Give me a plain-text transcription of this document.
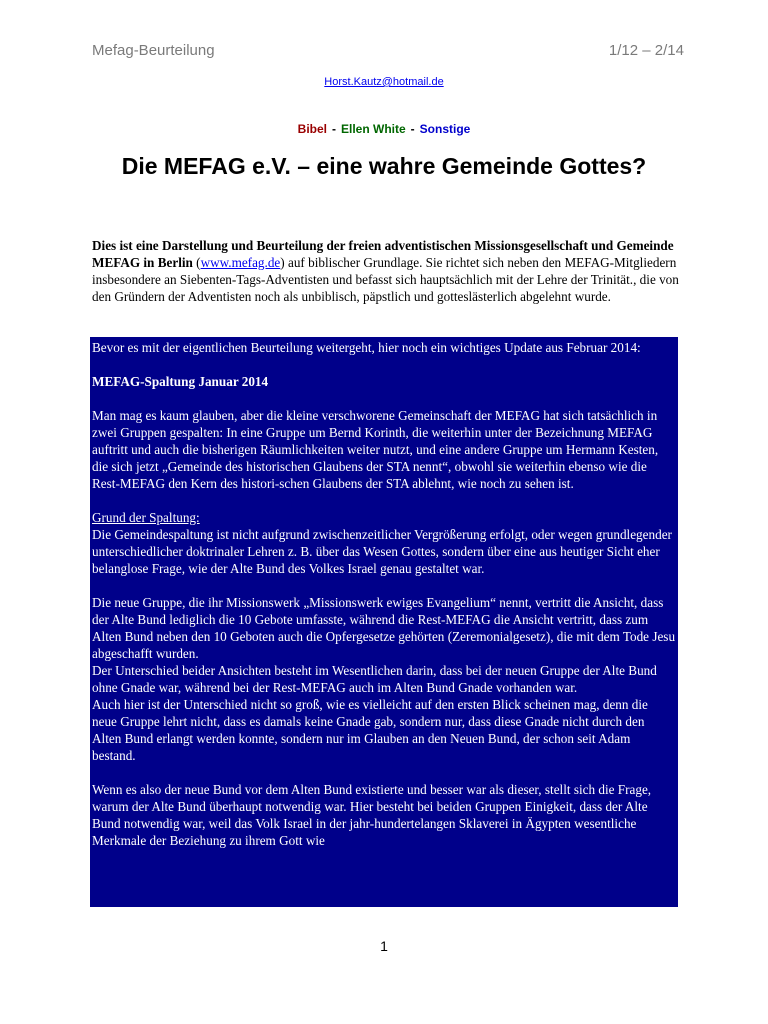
Mefag-Beurteilung	1/12 – 2/14
Horst.Kautz@hotmail.de
Bibel - Ellen White - Sonstige
Die MEFAG e.V. – eine wahre Gemeinde Gottes?
Dies ist eine Darstellung und Beurteilung der freien adventistischen Missionsgesellschaft und Gemeinde MEFAG in Berlin (www.mefag.de) auf biblischer Grundlage. Sie richtet sich neben den MEFAG-Mitgliedern insbesondere an Siebenten-Tags-Adventisten und befasst sich hauptsächlich mit der Lehre der Trinität., die von den Gründern der Adventisten noch als unbiblisch, päpstlich und gotteslästerlich abgelehnt wurde.

Bevor es mit der eigentlichen Beurteilung weitergeht, hier noch ein wichtiges Update aus Februar 2014:

MEFAG-Spaltung Januar 2014

Man mag es kaum glauben, aber die kleine verschworene Gemeinschaft der MEFAG hat sich tatsächlich in zwei Gruppen gespalten: In eine Gruppe um Bernd Korinth, die weiterhin unter der Bezeichnung MEFAG auftritt und auch die bisherigen Räumlichkeiten weiter nutzt, und eine andere Gruppe um Hermann Kesten, die sich jetzt „Gemeinde des historischen Glaubens der STA nennt“, obwohl sie weiterhin ebenso wie die Rest-MEFAG den Kern des histori-schen Glaubens der STA ablehnt, wie noch zu sehen ist.

Grund der Spaltung:

Die Gemeindespaltung ist nicht aufgrund zwischenzeitlicher Vergrößerung erfolgt, oder wegen grundlegender unterschiedlicher doktrinaler Lehren z. B. über das Wesen Gottes, sondern über eine aus heutiger Sicht eher belanglose Frage, wie der Alte Bund des Volkes Israel genau gestaltet war.

Die neue Gruppe, die ihr Missionswerk „Missionswerk ewiges Evangelium“ nennt, vertritt die Ansicht, dass der Alte Bund lediglich die 10 Gebote umfasste, während die Rest-MEFAG die Ansicht vertritt, dass zum Alten Bund neben den 10 Geboten auch die Opfergesetze gehörten (Zeremonialgesetz), die mit dem Tode Jesu abgeschafft wurden.

Der Unterschied beider Ansichten besteht im Wesentlichen darin, dass bei der neuen Gruppe der Alte Bund ohne Gnade war, während bei der Rest-MEFAG auch im Alten Bund Gnade vorhanden war.

Auch hier ist der Unterschied nicht so groß, wie es vielleicht auf den ersten Blick scheinen mag, denn die neue Gruppe lehrt nicht, dass es damals keine Gnade gab, sondern nur, dass diese Gnade nicht durch den Alten Bund erlangt werden konnte, sondern nur im Glauben an den Neuen Bund, der schon seit Adam bestand.

Wenn es also der neue Bund vor dem Alten Bund existierte und besser war als dieser, stellt sich die Frage, warum der Alte Bund überhaupt notwendig war. Hier besteht bei beiden Gruppen Einigkeit, dass der Alte Bund notwendig war, weil das Volk Israel in der jahr-hundertelangen Sklaverei in Ägypten wesentliche Merkmale der Beziehung zu ihrem Gott wie

1
